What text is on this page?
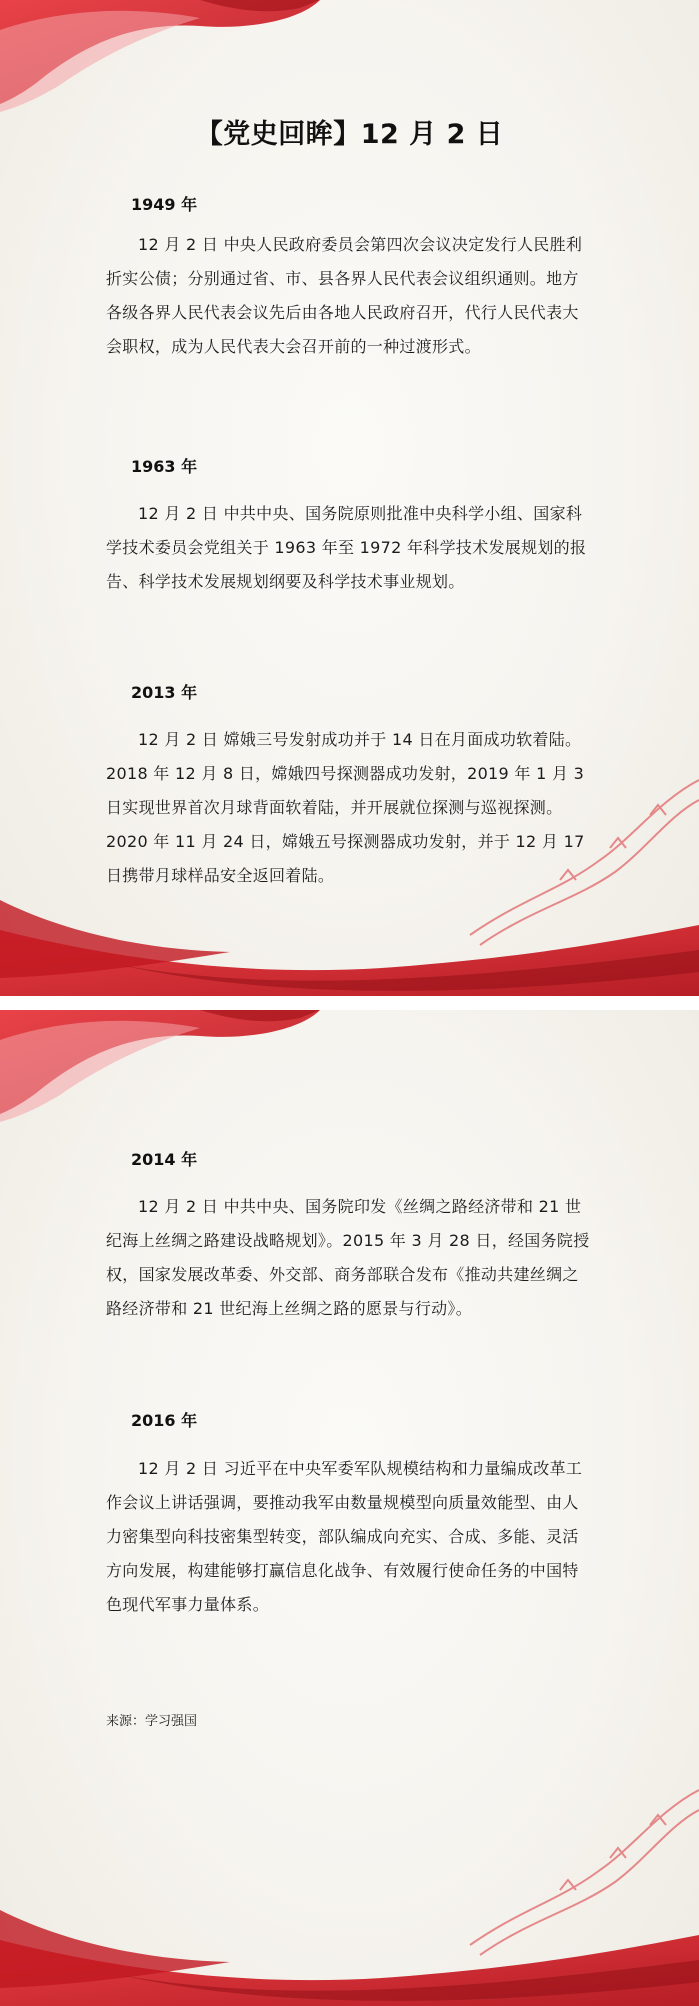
【党史回眸】12 月 2 日
1949 年

12 月 2 日 中央人民政府委员会第四次会议决定发行人民胜利折实公债；分别通过省、市、县各界人民代表会议组织通则。地方各级各界人民代表会议先后由各地人民政府召开，代行人民代表大会职权，成为人民代表大会召开前的一种过渡形式。

1963 年

12 月 2 日 中共中央、国务院原则批准中央科学小组、国家科学技术委员会党组关于 1963 年至 1972 年科学技术发展规划的报告、科学技术发展规划纲要及科学技术事业规划。

2013 年

12 月 2 日 嫦娥三号发射成功并于 14 日在月面成功软着陆。2018 年 12 月 8 日，嫦娥四号探测器成功发射，2019 年 1 月 3 日实现世界首次月球背面软着陆，并开展就位探测与巡视探测。2020 年 11 月 24 日，嫦娥五号探测器成功发射，并于 12 月 17 日携带月球样品安全返回着陆。

2014 年

12 月 2 日 中共中央、国务院印发《丝绸之路经济带和 21 世纪海上丝绸之路建设战略规划》。2015 年 3 月 28 日，经国务院授权，国家发展改革委、外交部、商务部联合发布《推动共建丝绸之路经济带和 21 世纪海上丝绸之路的愿景与行动》。

2016 年

12 月 2 日 习近平在中央军委军队规模结构和力量编成改革工作会议上讲话强调，要推动我军由数量规模型向质量效能型、由人力密集型向科技密集型转变，部队编成向充实、合成、多能、灵活方向发展，构建能够打赢信息化战争、有效履行使命任务的中国特色现代军事力量体系。

来源：学习强国
